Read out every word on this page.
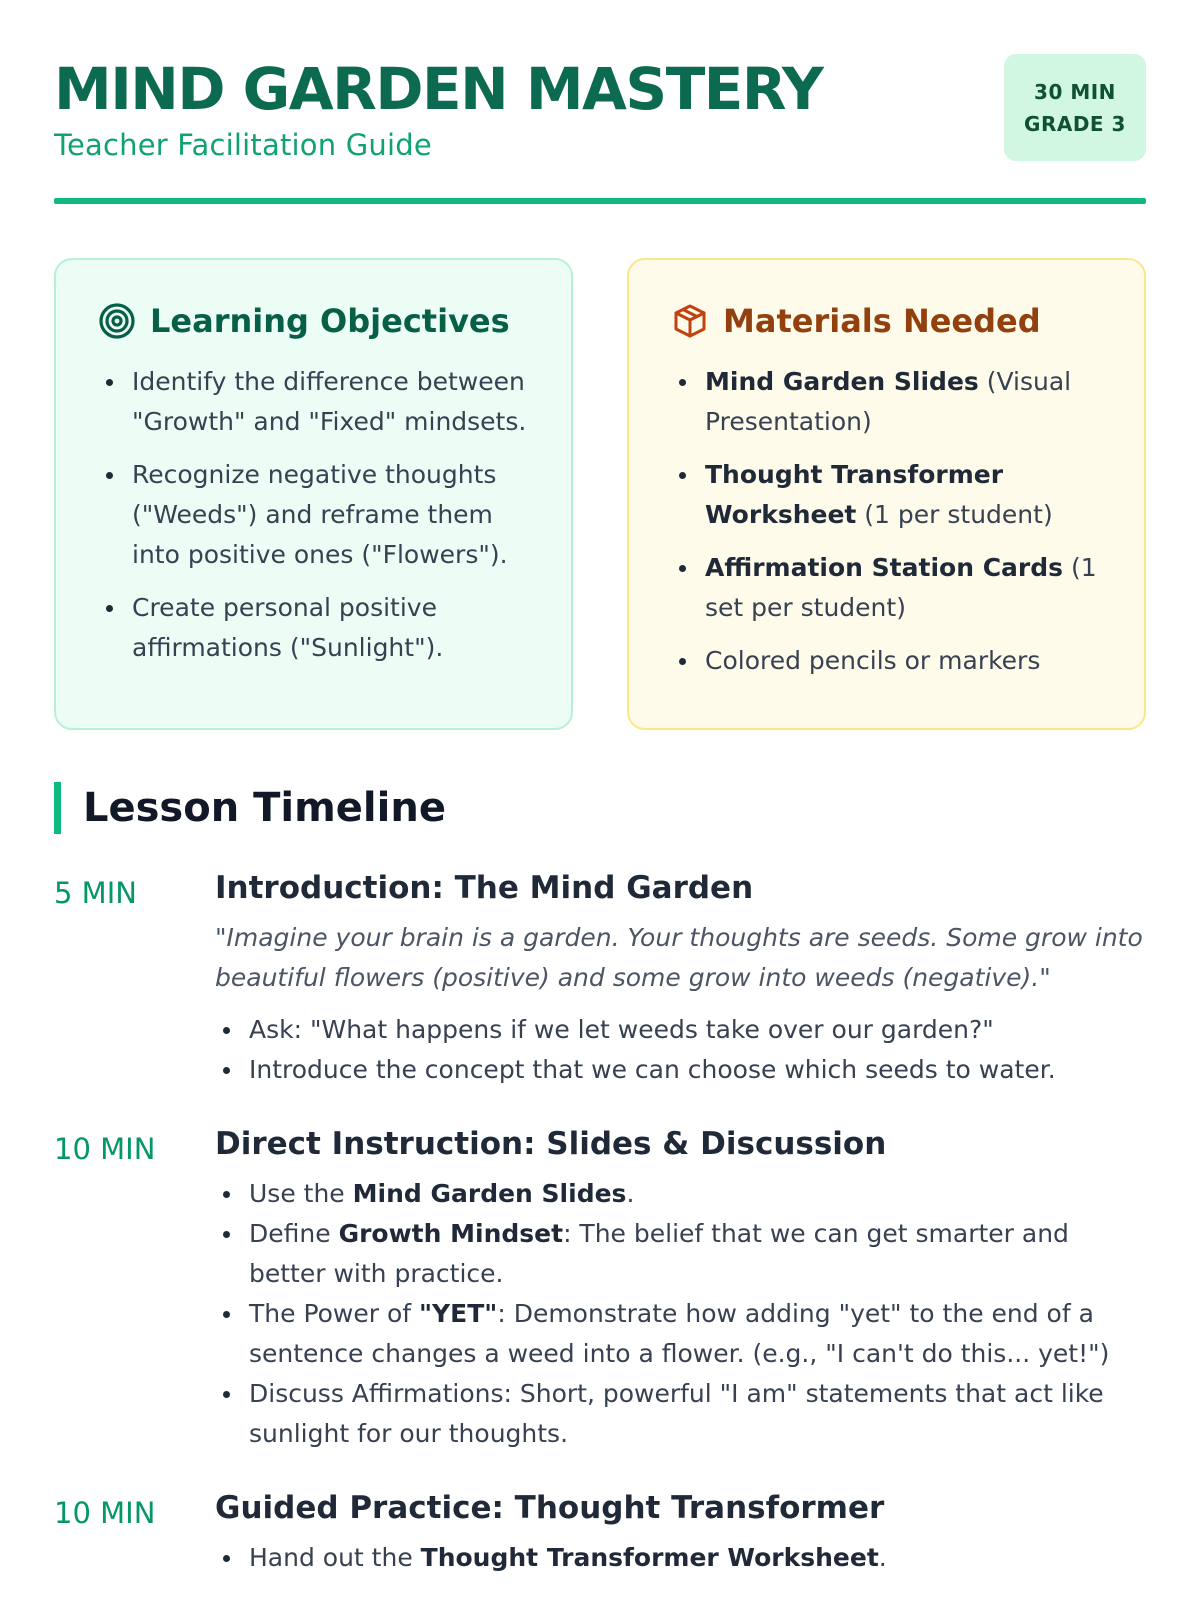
MIND GARDEN MASTERY
Teacher Facilitation Guide
30 MIN
GRADE 3
Learning Objectives
Identify the difference between "Growth" and "Fixed" mindsets.
Recognize negative thoughts ("Weeds") and reframe them into positive ones ("Flowers").
Create personal positive affirmations ("Sunlight").
Materials Needed
Mind Garden Slides (Visual Presentation)
Thought Transformer Worksheet (1 per student)
Affirmation Station Cards (1 set per student)
Colored pencils or markers
Lesson Timeline
5 MIN	Introduction: The Mind Garden
"Imagine your brain is a garden. Your thoughts are seeds. Some grow into beautiful flowers (positive) and some grow into weeds (negative)."
Ask: "What happens if we let weeds take over our garden?"
Introduce the concept that we can choose which seeds to water.
10 MIN	Direct Instruction: Slides & Discussion
Use the Mind Garden Slides.
Define Growth Mindset: The belief that we can get smarter and better with practice.
The Power of "YET": Demonstrate how adding "yet" to the end of a sentence changes a weed into a flower. (e.g., "I can't do this... yet!")
Discuss Affirmations: Short, powerful "I am" statements that act like sunlight for our thoughts.
10 MIN	Guided Practice: Thought Transformer
Hand out the Thought Transformer Worksheet.
